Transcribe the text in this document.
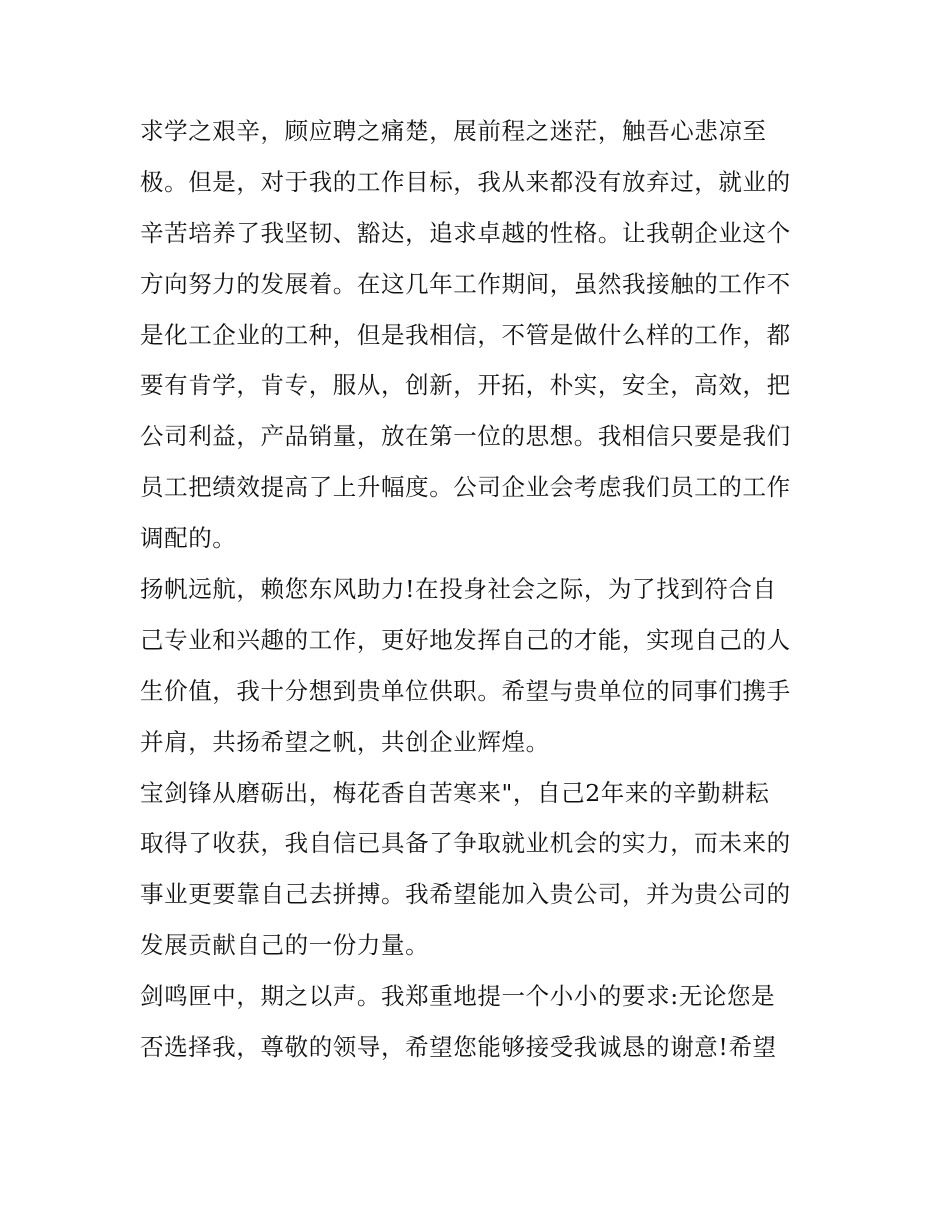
求学之艰辛，顾应聘之痛楚，展前程之迷茫，触吾心悲凉至
极。但是，对于我的工作目标，我从来都没有放弃过，就业的
辛苦培养了我坚韧、豁达，追求卓越的性格。让我朝企业这个
方向努力的发展着。在这几年工作期间，虽然我接触的工作不
是化工企业的工种，但是我相信，不管是做什么样的工作，都
要有肯学，肯专，服从，创新，开拓，朴实，安全，高效，把
公司利益，产品销量，放在第一位的思想。我相信只要是我们
员工把绩效提高了上升幅度。公司企业会考虑我们员工的工作
调配的。
扬帆远航，赖您东风助力!在投身社会之际，为了找到符合自
己专业和兴趣的工作，更好地发挥自己的才能，实现自己的人
生价值，我十分想到贵单位供职。希望与贵单位的同事们携手
并肩，共扬希望之帆，共创企业辉煌。
宝剑锋从磨砺出，梅花香自苦寒来"，自己2年来的辛勤耕耘
取得了收获，我自信已具备了争取就业机会的实力，而未来的
事业更要靠自己去拼搏。我希望能加入贵公司，并为贵公司的
发展贡献自己的一份力量。
剑鸣匣中，期之以声。我郑重地提一个小小的要求:无论您是
否选择我，尊敬的领导，希望您能够接受我诚恳的谢意!希望
